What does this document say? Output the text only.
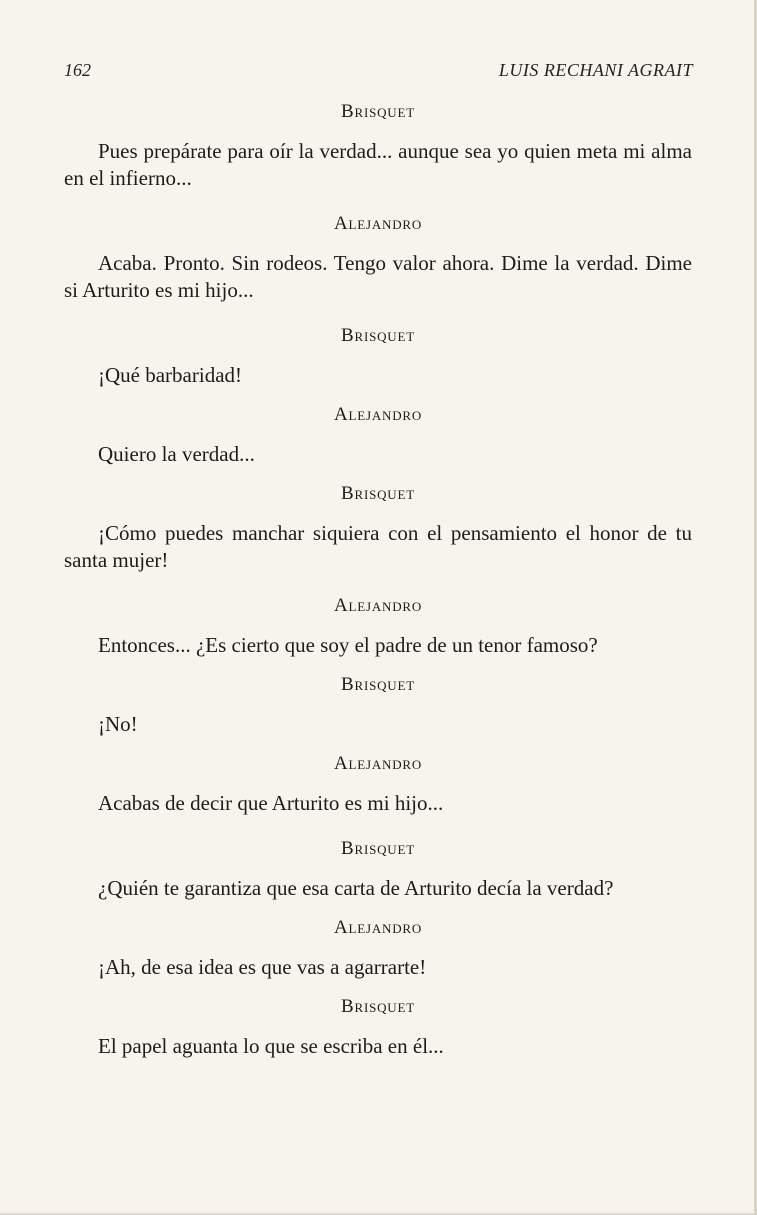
162	LUIS RECHANI AGRAIT

Brisquet

Pues prepárate para oír la verdad... aunque sea yo quien meta mi alma en el infierno...

Alejandro

Acaba. Pronto. Sin rodeos. Tengo valor ahora. Dime la verdad. Dime si Arturito es mi hijo...

Brisquet

¡Qué barbaridad!

Alejandro

Quiero la verdad...

Brisquet

¡Cómo puedes manchar siquiera con el pensamiento el honor de tu santa mujer!

Alejandro

Entonces... ¿Es cierto que soy el padre de un tenor famoso?

Brisquet

¡No!

Alejandro

Acabas de decir que Arturito es mi hijo...

Brisquet

¿Quién te garantiza que esa carta de Arturito decía la verdad?

Alejandro

¡Ah, de esa idea es que vas a agarrarte!

Brisquet

El papel aguanta lo que se escriba en él...
